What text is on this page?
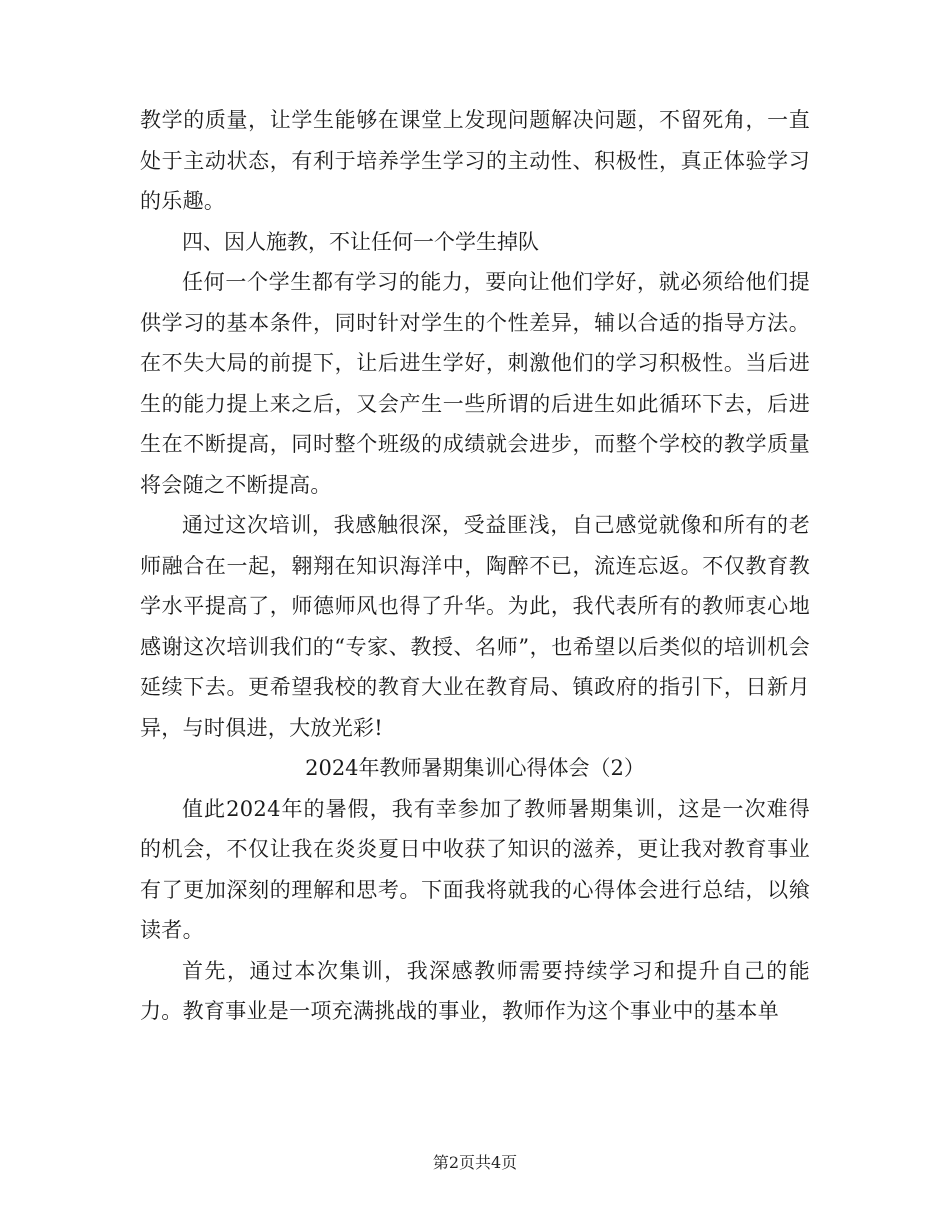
教学的质量，让学生能够在课堂上发现问题解决问题，不留死角，一直处于主动状态，有利于培养学生学习的主动性、积极性，真正体验学习的乐趣。

四、因人施教，不让任何一个学生掉队

任何一个学生都有学习的能力，要向让他们学好，就必须给他们提供学习的基本条件，同时针对学生的个性差异，辅以合适的指导方法。在不失大局的前提下，让后进生学好，刺激他们的学习积极性。当后进生的能力提上来之后，又会产生一些所谓的后进生如此循环下去，后进生在不断提高，同时整个班级的成绩就会进步，而整个学校的教学质量将会随之不断提高。

通过这次培训，我感触很深，受益匪浅，自己感觉就像和所有的老师融合在一起，翱翔在知识海洋中，陶醉不已，流连忘返。不仅教育教学水平提高了，师德师风也得了升华。为此，我代表所有的教师衷心地感谢这次培训我们的“专家、教授、名师”，也希望以后类似的培训机会延续下去。更希望我校的教育大业在教育局、镇政府的指引下，日新月异，与时俱进，大放光彩!

2024年教师暑期集训心得体会（2）

值此2024年的暑假，我有幸参加了教师暑期集训，这是一次难得的机会，不仅让我在炎炎夏日中收获了知识的滋养，更让我对教育事业有了更加深刻的理解和思考。下面我将就我的心得体会进行总结，以飨读者。

首先，通过本次集训，我深感教师需要持续学习和提升自己的能力。教育事业是一项充满挑战的事业，教师作为这个事业中的基本单

第2页共4页
